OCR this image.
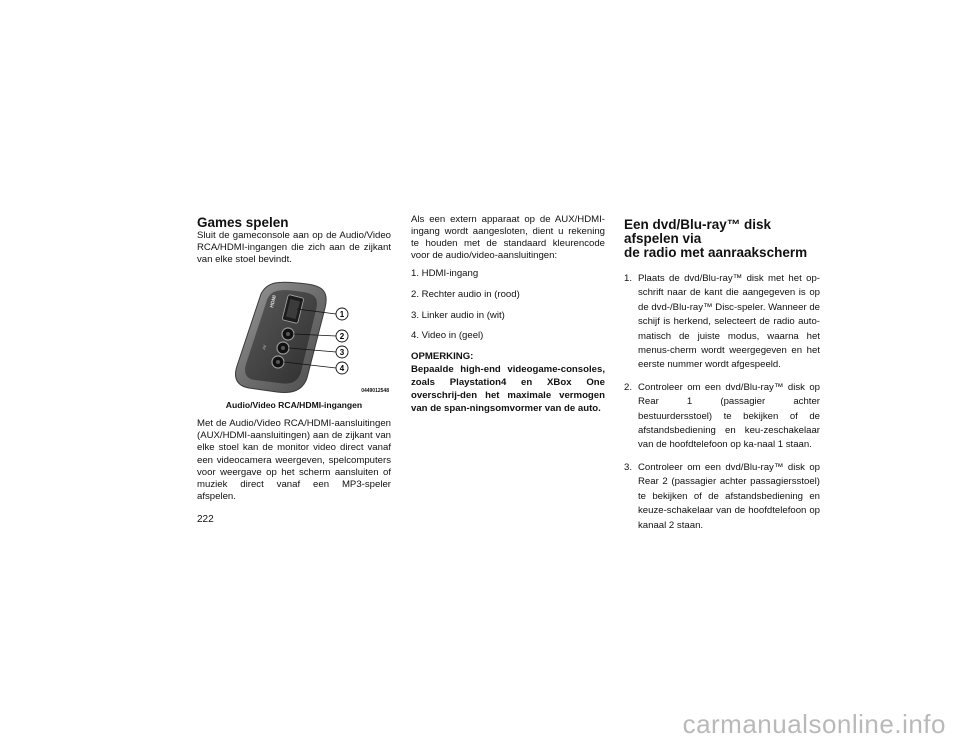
Games spelen

Sluit de gameconsole aan op de Audio/Video RCA/HDMI-ingangen die zich aan de zijkant van elke stoel bevindt.

HDMI
AV
1
2
3
4
0449012548
Audio/Video RCA/HDMI-ingangen

Met de Audio/Video RCA/HDMI-aansluitingen (AUX/HDMI-aansluitingen) aan de zijkant van elke stoel kan de monitor video direct vanaf een videocamera weergeven, spelcomputers voor weergave op het scherm aansluiten of muziek direct vanaf een MP3-speler afspelen.

Als een extern apparaat op de AUX/HDMI-ingang wordt aangesloten, dient u rekening te houden met de standaard kleurencode voor de audio/video-aansluitingen:

1. HDMI-ingang
2. Rechter audio in (rood)
3. Linker audio in (wit)
4. Video in (geel)
OPMERKING:

Bepaalde high-end videogame-consoles, zoals Playstation4 en XBox One overschrij-den het maximale vermogen van de span-ningsomvormer van de auto.

Een dvd/Blu-ray™ disk afspelen via
de radio met aanraakscherm
1. Plaats de dvd/Blu-ray™ disk met het op-schrift naar de kant die aangegeven is op de dvd-/Blu-ray™ Disc-speler. Wanneer de schijf is herkend, selecteert de radio auto-matisch de juiste modus, waarna het menus-cherm wordt weergegeven en het eerste nummer wordt afgespeeld.
2. Controleer om een dvd/Blu-ray™ disk op Rear 1 (passagier achter bestuurdersstoel) te bekijken of de afstandsbediening en keu-zeschakelaar van de hoofdtelefoon op ka-naal 1 staan.
3. Controleer om een dvd/Blu-ray™ disk op Rear 2 (passagier achter passagiersstoel) te bekijken of de afstandsbediening en keuze-schakelaar van de hoofdtelefoon op kanaal 2 staan.
222
carmanualsonline.info
